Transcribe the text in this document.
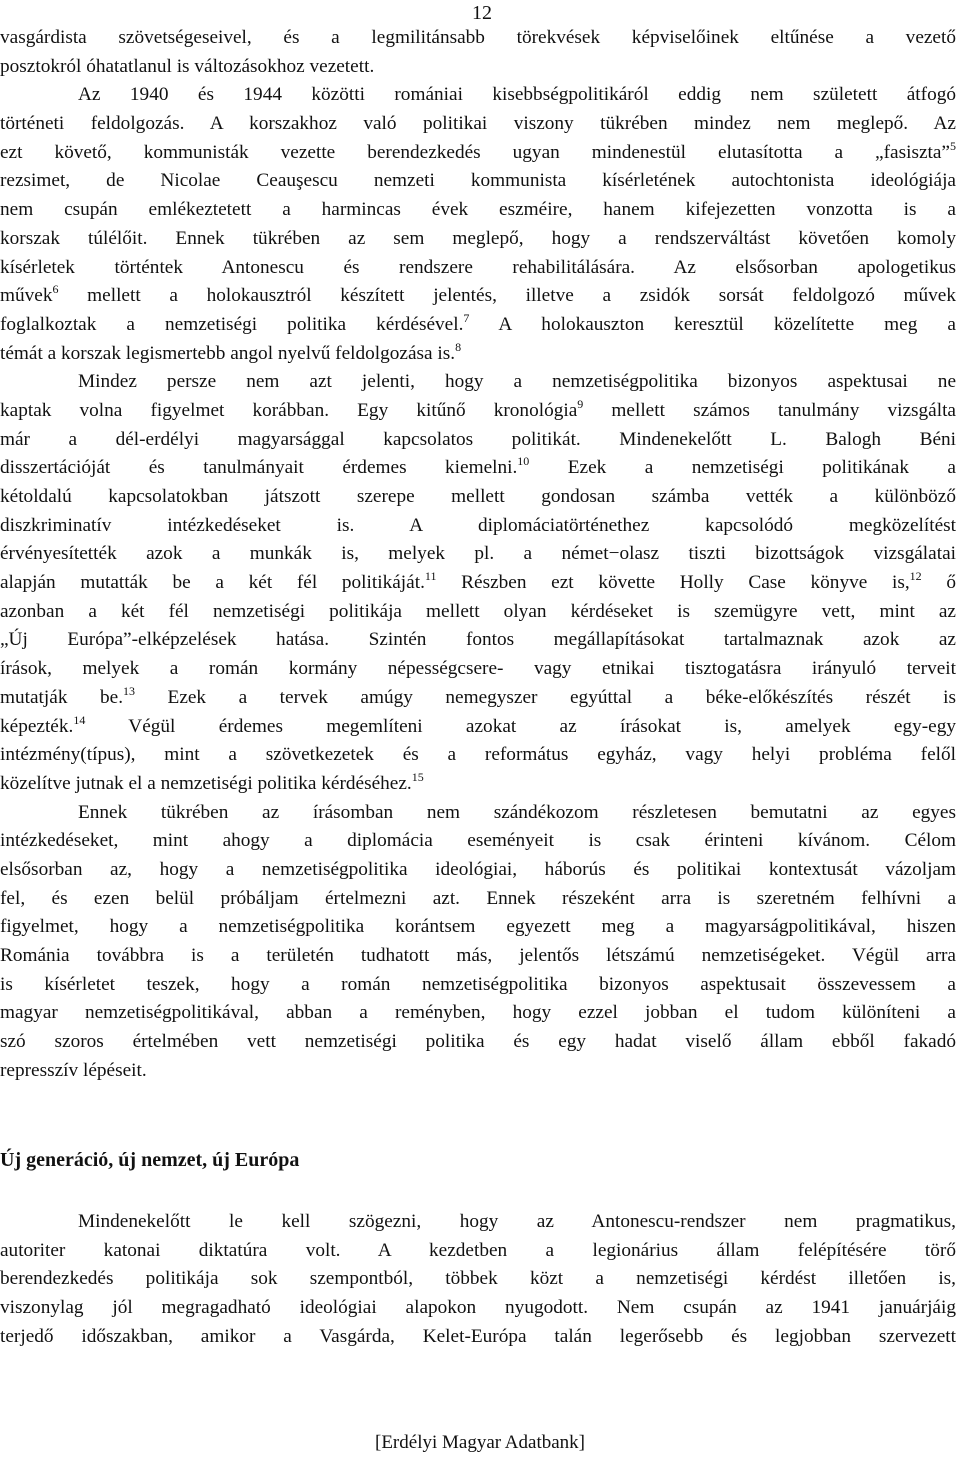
12
vasgárdista szövetségeseivel, és a legmilitánsabb törekvések képviselőinek eltűnése a vezető
posztokról óhatatlanul is változásokhoz vezetett.
Az 1940 és 1944 közötti romániai kisebbségpolitikáról eddig nem született átfogó
történeti feldolgozás. A korszakhoz való politikai viszony tükrében mindez nem meglepő. Az
ezt követő, kommunisták vezette berendezkedés ugyan mindenestül elutasította a „fasiszta”$^5$
rezsimet, de Nicolae Ceauşescu nemzeti kommunista kísérletének autochtonista ideológiája
nem csupán emlékeztetett a harmincas évek eszméire, hanem kifejezetten vonzotta is a
korszak túlélőit. Ennek tükrében az sem meglepő, hogy a rendszerváltást követően komoly
kísérletek történtek Antonescu és rendszere rehabilitálására. Az elsősorban apologetikus
művek$^6$ mellett a holokausztról készített jelentés, illetve a zsidók sorsát feldolgozó művek
foglalkoztak a nemzetiségi politika kérdésével.$^7$ A holokauszton keresztül közelítette meg a
témát a korszak legismertebb angol nyelvű feldolgozása is.$^8$
Mindez persze nem azt jelenti, hogy a nemzetiségpolitika bizonyos aspektusai ne
kaptak volna figyelmet korábban. Egy kitűnő kronológia$^9$ mellett számos tanulmány vizsgálta
már a dél-erdélyi magyarsággal kapcsolatos politikát. Mindenekelőtt L. Balogh Béni
disszertációját és tanulmányait érdemes kiemelni.$^{10}$ Ezek a nemzetiségi politikának a
kétoldalú kapcsolatokban játszott szerepe mellett gondosan számba vették a különböző
diszkriminatív intézkedéseket is. A diplomáciatörténethez kapcsolódó megközelítést
érvényesítették azok a munkák is, melyek pl. a német−olasz tiszti bizottságok vizsgálatai
alapján mutatták be a két fél politikáját.$^{11}$ Részben ezt követte Holly Case könyve is,$^{12}$ ő
azonban a két fél nemzetiségi politikája mellett olyan kérdéseket is szemügyre vett, mint az
„Új Európa”-elképzelések hatása. Szintén fontos megállapításokat tartalmaznak azok az
írások, melyek a román kormány népességcsere- vagy etnikai tisztogatásra irányuló terveit
mutatják be.$^{13}$ Ezek a tervek amúgy nemegyszer egyúttal a béke-előkészítés részét is
képezték.$^{14}$ Végül érdemes megemlíteni azokat az írásokat is, amelyek egy-egy
intézmény(típus), mint a szövetkezetek és a református egyház, vagy helyi probléma felől
közelítve jutnak el a nemzetiségi politika kérdéséhez.$^{15}$
Ennek tükrében az írásomban nem szándékozom részletesen bemutatni az egyes
intézkedéseket, mint ahogy a diplomácia eseményeit is csak érinteni kívánom. Célom
elsősorban az, hogy a nemzetiségpolitika ideológiai, háborús és politikai kontextusát vázoljam
fel, és ezen belül próbáljam értelmezni azt. Ennek részeként arra is szeretném felhívni a
figyelmet, hogy a nemzetiségpolitika korántsem egyezett meg a magyarságpolitikával, hiszen
Románia továbbra is a területén tudhatott más, jelentős létszámú nemzetiségeket. Végül arra
is kísérletet teszek, hogy a román nemzetiségpolitika bizonyos aspektusait összevessem a
magyar nemzetiségpolitikával, abban a reményben, hogy ezzel jobban el tudom különíteni a
szó szoros értelmében vett nemzetiségi politika és egy hadat viselő állam ebből fakadó
represszív lépéseit.
Új generáció, új nemzet, új Európa
Mindenekelőtt le kell szögezni, hogy az Antonescu-rendszer nem pragmatikus,
autoriter katonai diktatúra volt. A kezdetben a legionárius állam felépítésére törő
berendezkedés politikája sok szempontból, többek közt a nemzetiségi kérdést illetően is,
viszonylag jól megragadható ideológiai alapokon nyugodott. Nem csupán az 1941 januárjáig
terjedő időszakban, amikor a Vasgárda, Kelet-Európa talán legerősebb és legjobban szervezett
[Erdélyi Magyar Adatbank]
